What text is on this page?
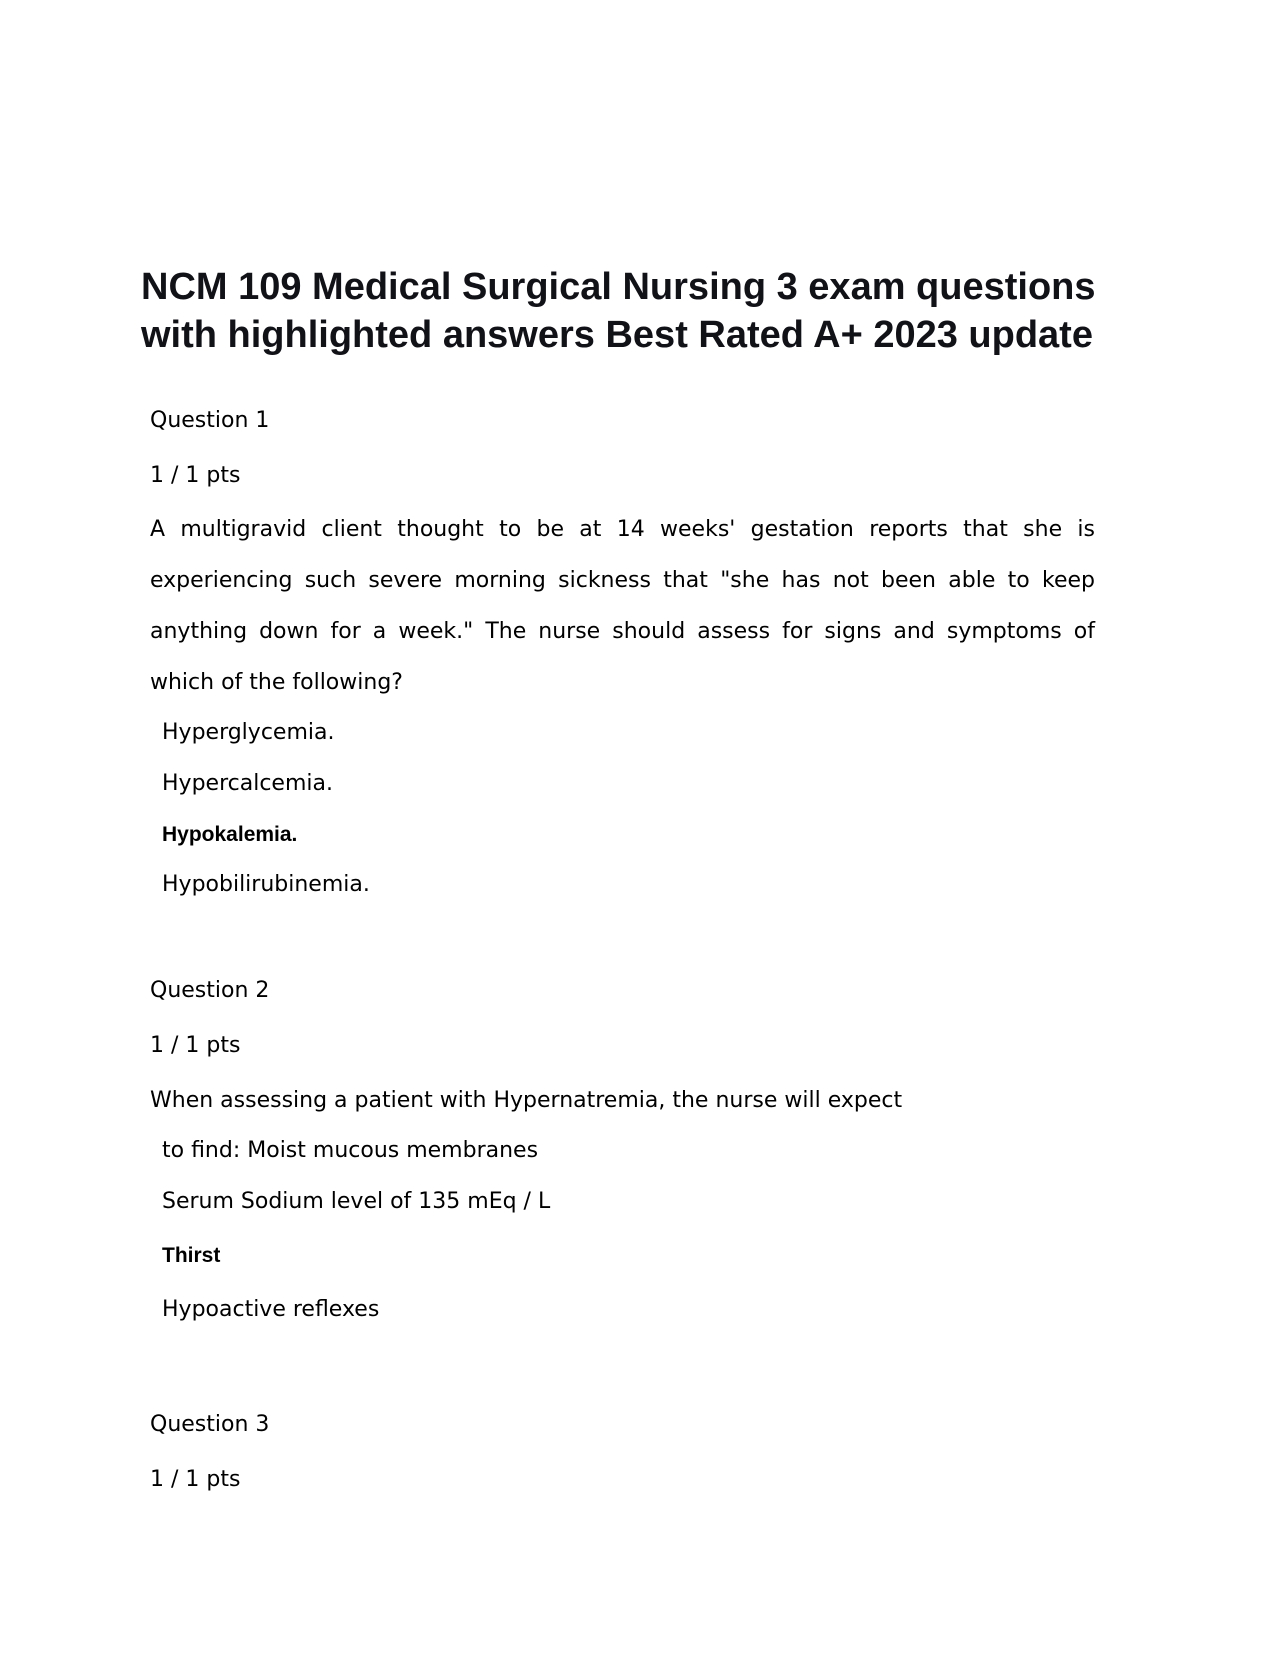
NCM 109 Medical Surgical Nursing 3 exam questions
with highlighted answers Best Rated A+ 2023 update

Question 1

1 / 1 pts

A multigravid client thought to be at 14 weeks' gestation reports that she is

experiencing such severe morning sickness that "she has not been able to keep

anything down for a week." The nurse should assess for signs and symptoms of

which of the following?

Hyperglycemia.

Hypercalcemia.

Hypokalemia.

Hypobilirubinemia.

Question 2

1 / 1 pts

When assessing a patient with Hypernatremia, the nurse will expect

to find: Moist mucous membranes

Serum Sodium level of 135 mEq / L

Thirst

Hypoactive reflexes

Question 3

1 / 1 pts
